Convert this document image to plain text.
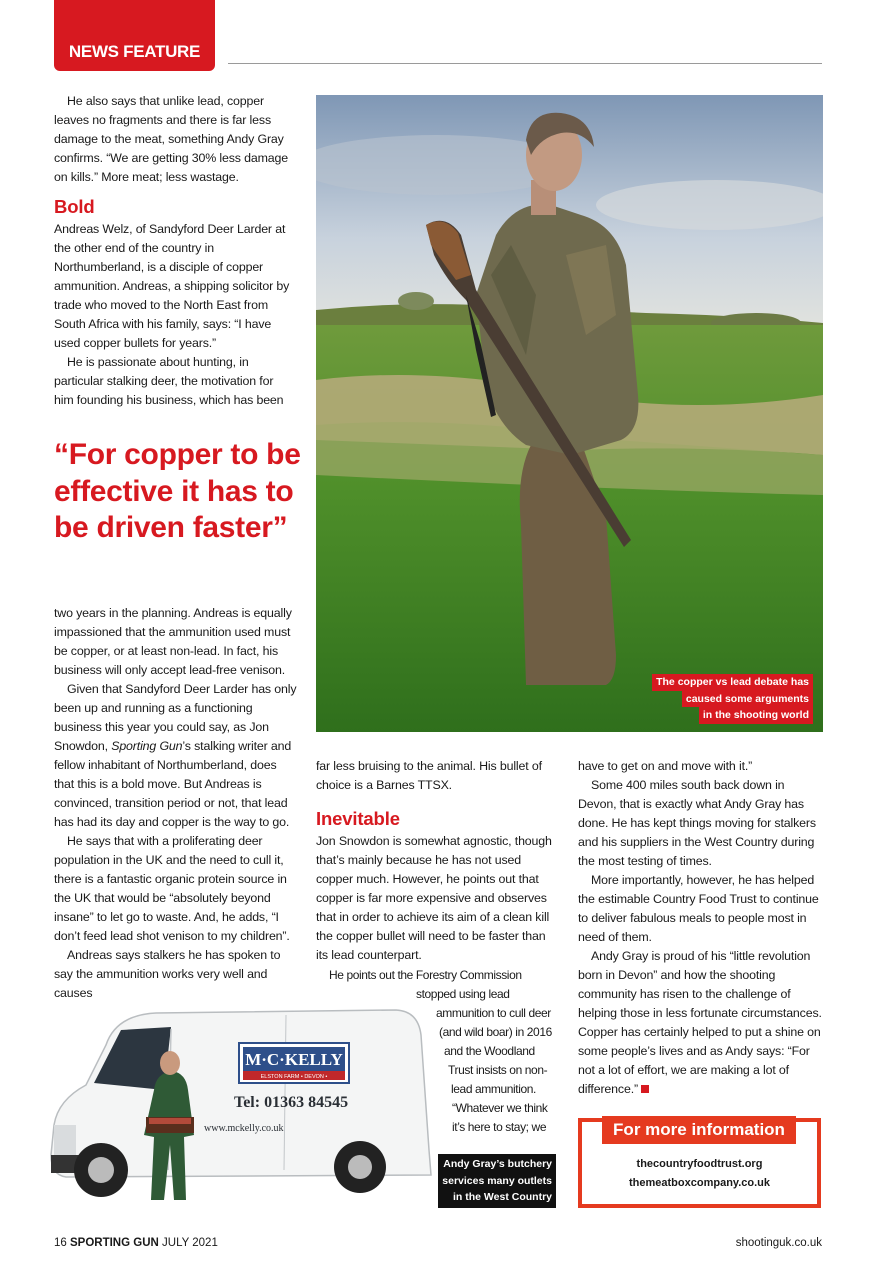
NEWS FEATURE

He also says that unlike lead, copper leaves no fragments and there is far less damage to the meat, something Andy Gray confirms. “We are getting 30% less damage on kills.” More meat; less wastage.

Bold

Andreas Welz, of Sandyford Deer Larder at the other end of the country in Northumberland, is a disciple of copper ammunition. Andreas, a shipping solicitor by trade who moved to the North East from South Africa with his family, says: “I have used copper bullets for years.”

He is passionate about hunting, in particular stalking deer, the motivation for him founding his business, which has been

“For copper to be effective it has to be driven faster”

two years in the planning. Andreas is equally impassioned that the ammunition used must be copper, or at least non-lead. In fact, his business will only accept lead-free venison.

Given that Sandyford Deer Larder has only been up and running as a functioning business this year you could say, as Jon Snowdon, Sporting Gun’s stalking writer and fellow inhabitant of Northumberland, does that this is a bold move. But Andreas is convinced, transition period or not, that lead has had its day and copper is the way to go.

He says that with a proliferating deer population in the UK and the need to cull it, there is a fantastic organic protein source in the UK that would be “absolutely beyond insane” to let go to waste. And, he adds, “I don’t feed lead shot venison to my children”.

Andreas says stalkers he has spoken to say the ammunition works very well and causes

The copper vs lead debate has
caused some arguments
in the shooting world

far less bruising to the animal. His bullet of choice is a Barnes TTSX.

Inevitable

Jon Snowdon is somewhat agnostic, though that’s mainly because he has not used copper much. However, he points out that copper is far more expensive and observes that in order to achieve its aim of a clean kill the copper bullet will need to be faster than its lead counterpart.

He points out the Forestry Commission
stopped using lead
ammunition to cull deer
(and wild boar) in 2016
and the Woodland
Trust insists on non-
lead ammunition.
“Whatever we think
it’s here to stay; we
M·C·KELLY
ELSTON FARM • DEVON •
Tel: 01363 84545
www.mckelly.co.uk
Andy Gray’s butchery
services many outlets
in the West Country

have to get on and move with it.”

Some 400 miles south back down in Devon, that is exactly what Andy Gray has done. He has kept things moving for stalkers and his suppliers in the West Country during the most testing of times.

More importantly, however, he has helped the estimable Country Food Trust to continue to deliver fabulous meals to people most in need of them.

Andy Gray is proud of his “little revolution born in Devon” and how the shooting community has risen to the challenge of helping those in less fortunate circumstances. Copper has certainly helped to put a shine on some people’s lives and as Andy says: “For not a lot of effort, we are making a lot of difference.”

For more information
thecountryfoodtrust.org
themeatboxcompany.co.uk
16 SPORTING GUN JULY 2021	shootinguk.co.uk
